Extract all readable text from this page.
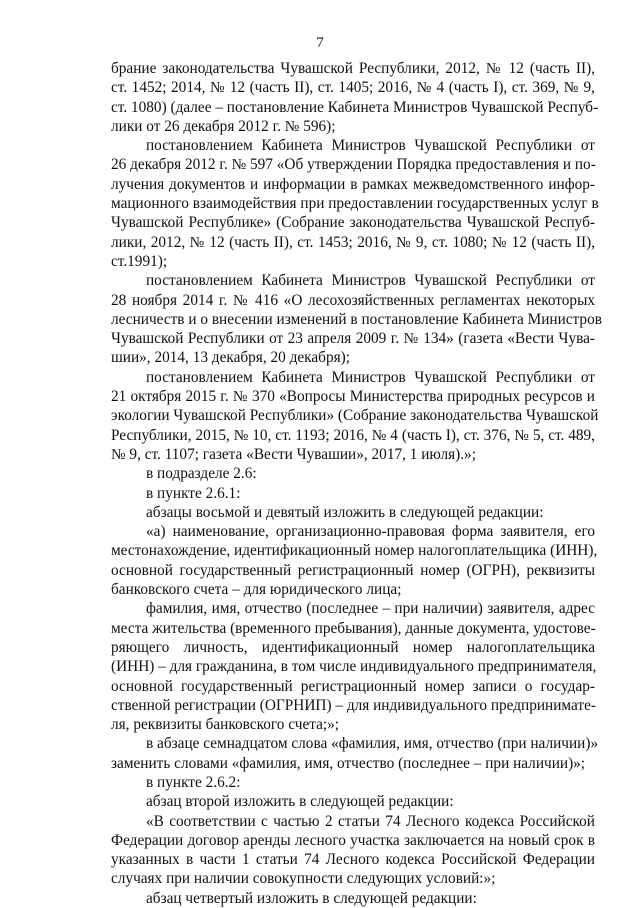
7
брание законодательства Чувашской Республики, 2012, № 12 (часть II),
ст. 1452; 2014, № 12 (часть II), ст. 1405; 2016, № 4 (часть I), ст. 369, № 9,
ст. 1080) (далее – постановление Кабинета Министров Чувашской Респуб-
лики от 26 декабря 2012 г. № 596);
постановлением Кабинета Министров Чувашской Республики от
26 декабря 2012 г. № 597 «Об утверждении Порядка предоставления и по-
лучения документов и информации в рамках межведомственного инфор-
мационного взаимодействия при предоставлении государственных услуг в
Чувашской Республике» (Собрание законодательства Чувашской Респуб-
лики, 2012, № 12 (часть II), ст. 1453; 2016, № 9, ст. 1080; № 12 (часть II),
ст.1991);
постановлением Кабинета Министров Чувашской Республики от
28 ноября 2014 г. № 416 «О лесохозяйственных регламентах некоторых
лесничеств и о внесении изменений в постановление Кабинета Министров
Чувашской Республики от 23 апреля 2009 г. № 134» (газета «Вести Чува-
шии», 2014, 13 декабря, 20 декабря);
постановлением Кабинета Министров Чувашской Республики от
21 октября 2015 г. № 370 «Вопросы Министерства природных ресурсов и
экологии Чувашской Республики» (Собрание законодательства Чувашской
Республики, 2015, № 10, ст. 1193; 2016, № 4 (часть I), ст. 376, № 5, ст. 489,
№ 9, ст. 1107; газета «Вести Чувашии», 2017, 1 июля).»;
в подразделе 2.6:
в пункте 2.6.1:
абзацы восьмой и девятый изложить в следующей редакции:
«а) наименование, организационно-правовая форма заявителя, его
местонахождение, идентификационный номер налогоплательщика (ИНН),
основной государственный регистрационный номер (ОГРН), реквизиты
банковского счета – для юридического лица;
фамилия, имя, отчество (последнее – при наличии) заявителя, адрес
места жительства (временного пребывания), данные документа, удостове-
ряющего личность, идентификационный номер налогоплательщика
(ИНН) – для гражданина, в том числе индивидуального предпринимателя,
основной государственный регистрационный номер записи о государ-
ственной регистрации (ОГРНИП) – для индивидуального предпринимате-
ля, реквизиты банковского счета;»;
в абзаце семнадцатом слова «фамилия, имя, отчество (при наличии)»
заменить словами «фамилия, имя, отчество (последнее – при наличии)»;
в пункте 2.6.2:
абзац второй изложить в следующей редакции:
«В соответствии с частью 2 статьи 74 Лесного кодекса Российской
Федерации договор аренды лесного участка заключается на новый срок в
указанных в части 1 статьи 74 Лесного кодекса Российской Федерации
случаях при наличии совокупности следующих условий:»;
абзац четвертый изложить в следующей редакции:
